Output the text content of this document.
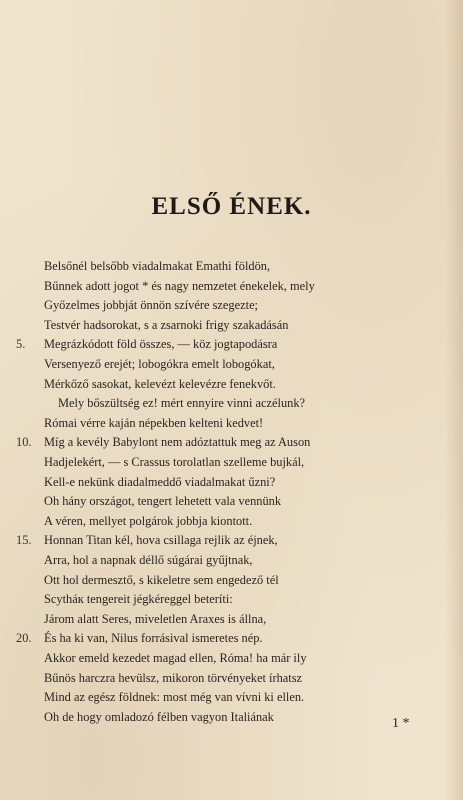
ELSŐ ÉNEK.
Belsőnél belsőbb viadalmakat Emathi földön,
Bűnnek adott jogot * és nagy nemzetet énekelek, mely
Győzelmes jobbját önnön szívére szegezte;
Testvér hadsorokat, s a zsarnoki frigy szakadásán
5.	Megrázkódott föld összes, — köz jogtapodásra
Versenyező erejét; lobogókra emelt lobogókat,
Mérkőző sasokat, kelevézt kelevézre fenekvőt.
Mely bőszültség ez! mért ennyire vinni aczélunk?
Római vérre kaján népekben kelteni kedvet!
10.	Míg a kevély Babylont nem adóztattuk meg az Auson
Hadjelekért, — s Crassus torolatlan szelleme bujkál,
Kell-e nekünk diadalmeddő viadalmakat űzni?
Oh hány országot, tengert lehetett vala vennünk
A véren, mellyet polgárok jobbja kiontott.
15.	Honnan Titan kél, hova csillaga rejlik az éjnek,
Arra, hol a napnak déllő súgárai gyűjtnak,
Ott hol dermesztő, s kikeletre sem engedező tél
Scytháк tengereit jégkéreggel beteríti:
Járom alatt Seres, miveletlen Araxes is állna,
20.	És ha ki van, Nilus forrásival ismeretes nép.
Akkor emeld kezedet magad ellen, Róma! ha már ily
Bűnös harczra hevülsz, mikoron törvényeket írhatsz
Mind az egész földnek: most még van vívni ki ellen.
Oh de hogy omladozó félben vagyon Italiának	1 *
